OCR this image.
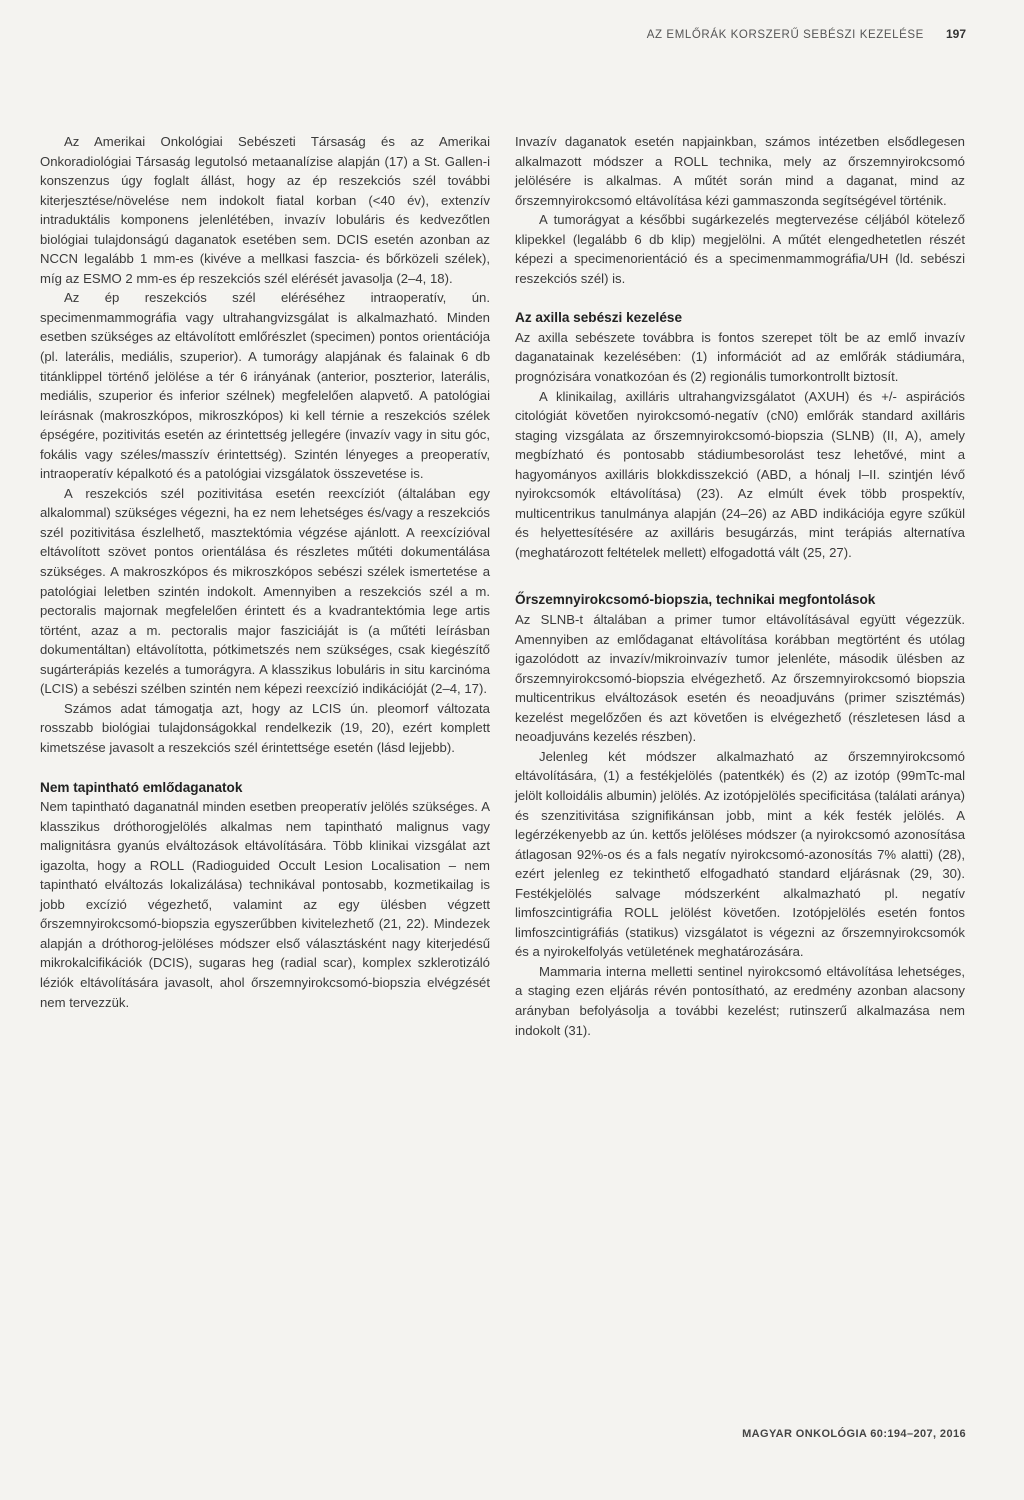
AZ EMLŐRÁK KORSZERŰ SEBÉSZI KEZELÉSE 197

Az Amerikai Onkológiai Sebészeti Társaság és az Amerikai Onkoradiológiai Társaság legutolsó metaanalízise alapján (17) a St. Gallen-i konszenzus úgy foglalt állást, hogy az ép reszekciós szél további kiterjesztése/növelése nem indokolt fiatal korban (<40 év), extenzív intraduktális komponens jelenlétében, invazív lobuláris és kedvezőtlen biológiai tulajdonságú daganatok esetében sem. DCIS esetén azonban az NCCN legalább 1 mm-es (kivéve a mellkasi faszcia- és bőrközeli szélek), míg az ESMO 2 mm-es ép reszekciós szél elérését javasolja (2–4, 18).

Az ép reszekciós szél eléréséhez intraoperatív, ún. specimenmammográfia vagy ultrahangvizsgálat is alkalmazható. Minden esetben szükséges az eltávolított emlőrészlet (specimen) pontos orientációja (pl. laterális, mediális, szuperior). A tumorágy alapjának és falainak 6 db titánklippel történő jelölése a tér 6 irányának (anterior, poszterior, laterális, mediális, szuperior és inferior szélnek) megfelelően alapvető. A patológiai leírásnak (makroszkópos, mikroszkópos) ki kell térnie a reszekciós szélek épségére, pozitivitás esetén az érintettség jellegére (invazív vagy in situ góc, fokális vagy széles/masszív érintettség). Szintén lényeges a preoperatív, intraoperatív képalkotó és a patológiai vizsgálatok összevetése is.

A reszekciós szél pozitivitása esetén reexcíziót (általában egy alkalommal) szükséges végezni, ha ez nem lehetséges és/vagy a reszekciós szél pozitivitása észlelhető, masztektómia végzése ajánlott. A reexcízióval eltávolított szövet pontos orientálása és részletes műtéti dokumentálása szükséges. A makroszkópos és mikroszkópos sebészi szélek ismertetése a patológiai leletben szintén indokolt. Amennyiben a reszekciós szél a m. pectoralis majornak megfelelően érintett és a kvadrantektómia lege artis történt, azaz a m. pectoralis major fasziciáját is (a műtéti leírásban dokumentáltan) eltávolította, pótkimetszés nem szükséges, csak kiegészítő sugárterápiás kezelés a tumorágyra. A klasszikus lobuláris in situ karcinóma (LCIS) a sebészi szélben szintén nem képezi reexcízió indikációját (2–4, 17).

Számos adat támogatja azt, hogy az LCIS ún. pleomorf változata rosszabb biológiai tulajdonságokkal rendelkezik (19, 20), ezért komplett kimetszése javasolt a reszekciós szél érintettsége esetén (lásd lejjebb).

Nem tapintható emlődaganatok

Nem tapintható daganatnál minden esetben preoperatív jelölés szükséges. A klasszikus dróthorogjelölés alkalmas nem tapintható malignus vagy malignitásra gyanús elváltozások eltávolítására. Több klinikai vizsgálat azt igazolta, hogy a ROLL (Radioguided Occult Lesion Localisation – nem tapintható elváltozás lokalizálása) technikával pontosabb, kozmetikailag is jobb excízió végezhető, valamint az egy ülésben végzett őrszemnyirokcsomó-biopszia egyszerűbben kivitelezhető (21, 22). Mindezek alapján a dróthorog-jelöléses módszer első választásként nagy kiterjedésű mikrokalcifikációk (DCIS), sugaras heg (radial scar), komplex szklerotizáló léziók eltávolítására javasolt, ahol őrszemnyirokcsomó-biopszia elvégzését nem tervezzük.

Invazív daganatok esetén napjainkban, számos intézetben elsődlegesen alkalmazott módszer a ROLL technika, mely az őrszemnyirokcsomó jelölésére is alkalmas. A műtét során mind a daganat, mind az őrszemnyirokcsomó eltávolítása kézi gammaszonda segítségével történik.

A tumorágyat a későbbi sugárkezelés megtervezése céljából kötelező klipekkel (legalább 6 db klip) megjelölni. A műtét elengedhetetlen részét képezi a specimenorientáció és a specimenmammográfia/UH (ld. sebészi reszekciós szél) is.

Az axilla sebészi kezelése

Az axilla sebészete továbbra is fontos szerepet tölt be az emlő invazív daganatainak kezelésében: (1) információt ad az emlőrák stádiumára, prognózisára vonatkozóan és (2) regionális tumorkontrollt biztosít.

A klinikailag, axilláris ultrahangvizsgálatot (AXUH) és +/- aspirációs citológiát követően nyirokcsomó-negatív (cN0) emlőrák standard axilláris staging vizsgálata az őrszemnyirokcsomó-biopszia (SLNB) (II, A), amely megbízható és pontosabb stádiumbesorolást tesz lehetővé, mint a hagyományos axilláris blokkdisszekció (ABD, a hónalj I–II. szintjén lévő nyirokcsomók eltávolítása) (23). Az elmúlt évek több prospektív, multicentrikus tanulmánya alapján (24–26) az ABD indikációja egyre szűkül és helyettesítésére az axilláris besugárzás, mint terápiás alternatíva (meghatározott feltételek mellett) elfogadottá vált (25, 27).

Őrszemnyirokcsomó-biopszia, technikai megfontolások

Az SLNB-t általában a primer tumor eltávolításával együtt végezzük. Amennyiben az emlődaganat eltávolítása korábban megtörtént és utólag igazolódott az invazív/mikroinvazív tumor jelenléte, második ülésben az őrszemnyirokcsomó-biopszia elvégezhető. Az őrszemnyirokcsomó biopszia multicentrikus elváltozások esetén és neoadjuváns (primer szisztémás) kezelést megelőzően és azt követően is elvégezhető (részletesen lásd a neoadjuváns kezelés részben).

Jelenleg két módszer alkalmazható az őrszemnyirokcsomó eltávolítására, (1) a festékjelölés (patentkék) és (2) az izotóp (99mTc-mal jelölt kolloidális albumin) jelölés. Az izotópjelölés specificitása (találati aránya) és szenzitivitása szignifikánsan jobb, mint a kék festék jelölés. A legérzékenyebb az ún. kettős jelöléses módszer (a nyirokcsomó azonosítása átlagosan 92%-os és a fals negatív nyirokcsomó-azonosítás 7% alatti) (28), ezért jelenleg ez tekinthető elfogadható standard eljárásnak (29, 30). Festékjelölés salvage módszerként alkalmazható pl. negatív limfoszcintigráfia ROLL jelölést követően. Izotópjelölés esetén fontos limfoszcintigráfiás (statikus) vizsgálatot is végezni az őrszemnyirokcsomók és a nyirokelfolyás vetületének meghatározására.

Mammaria interna melletti sentinel nyirokcsomó eltávolítása lehetséges, a staging ezen eljárás révén pontosítható, az eredmény azonban alacsony arányban befolyásolja a további kezelést; rutinszerű alkalmazása nem indokolt (31).

MAGYAR ONKOLÓGIA 60:194–207, 2016
